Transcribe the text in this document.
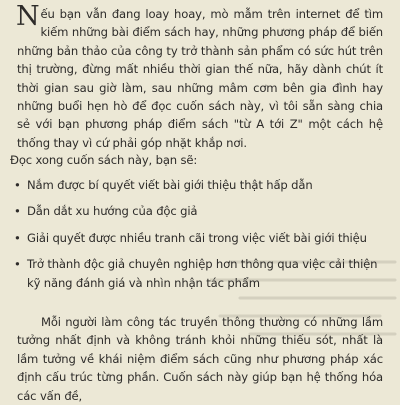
Nếu bạn vẫn đang loay hoay, mò mẫm trên internet để tìm kiếm những bài điểm sách hay, những phương pháp để biến những bản thảo của công ty trở thành sản phẩm có sức hút trên thị trường, đừng mất nhiều thời gian thế nữa, hãy dành chút ít thời gian sau giờ làm, sau những mâm cơm bên gia đình hay những buổi hẹn hò để đọc cuốn sách này, vì tôi sẵn sàng chia sẻ với bạn phương pháp điểm sách "từ A tới Z" một cách hệ thống thay vì cứ phải góp nhặt khắp nơi.
Đọc xong cuốn sách này, bạn sẽ:
• Nắm được bí quyết viết bài giới thiệu thật hấp dẫn
• Dẫn dắt xu hướng của độc giả
• Giải quyết được nhiều tranh cãi trong việc viết bài giới thiệu
• Trở thành độc giả chuyên nghiệp hơn thông qua việc cải thiện kỹ năng đánh giá và nhìn nhận tác phẩm
Mỗi người làm công tác truyền thông thường có những lầm tưởng nhất định và không tránh khỏi những thiếu sót, nhất là lầm tưởng về khái niệm điểm sách cũng như phương pháp xác định cấu trúc từng phần. Cuốn sách này giúp bạn hệ thống hóa các vấn đề,
